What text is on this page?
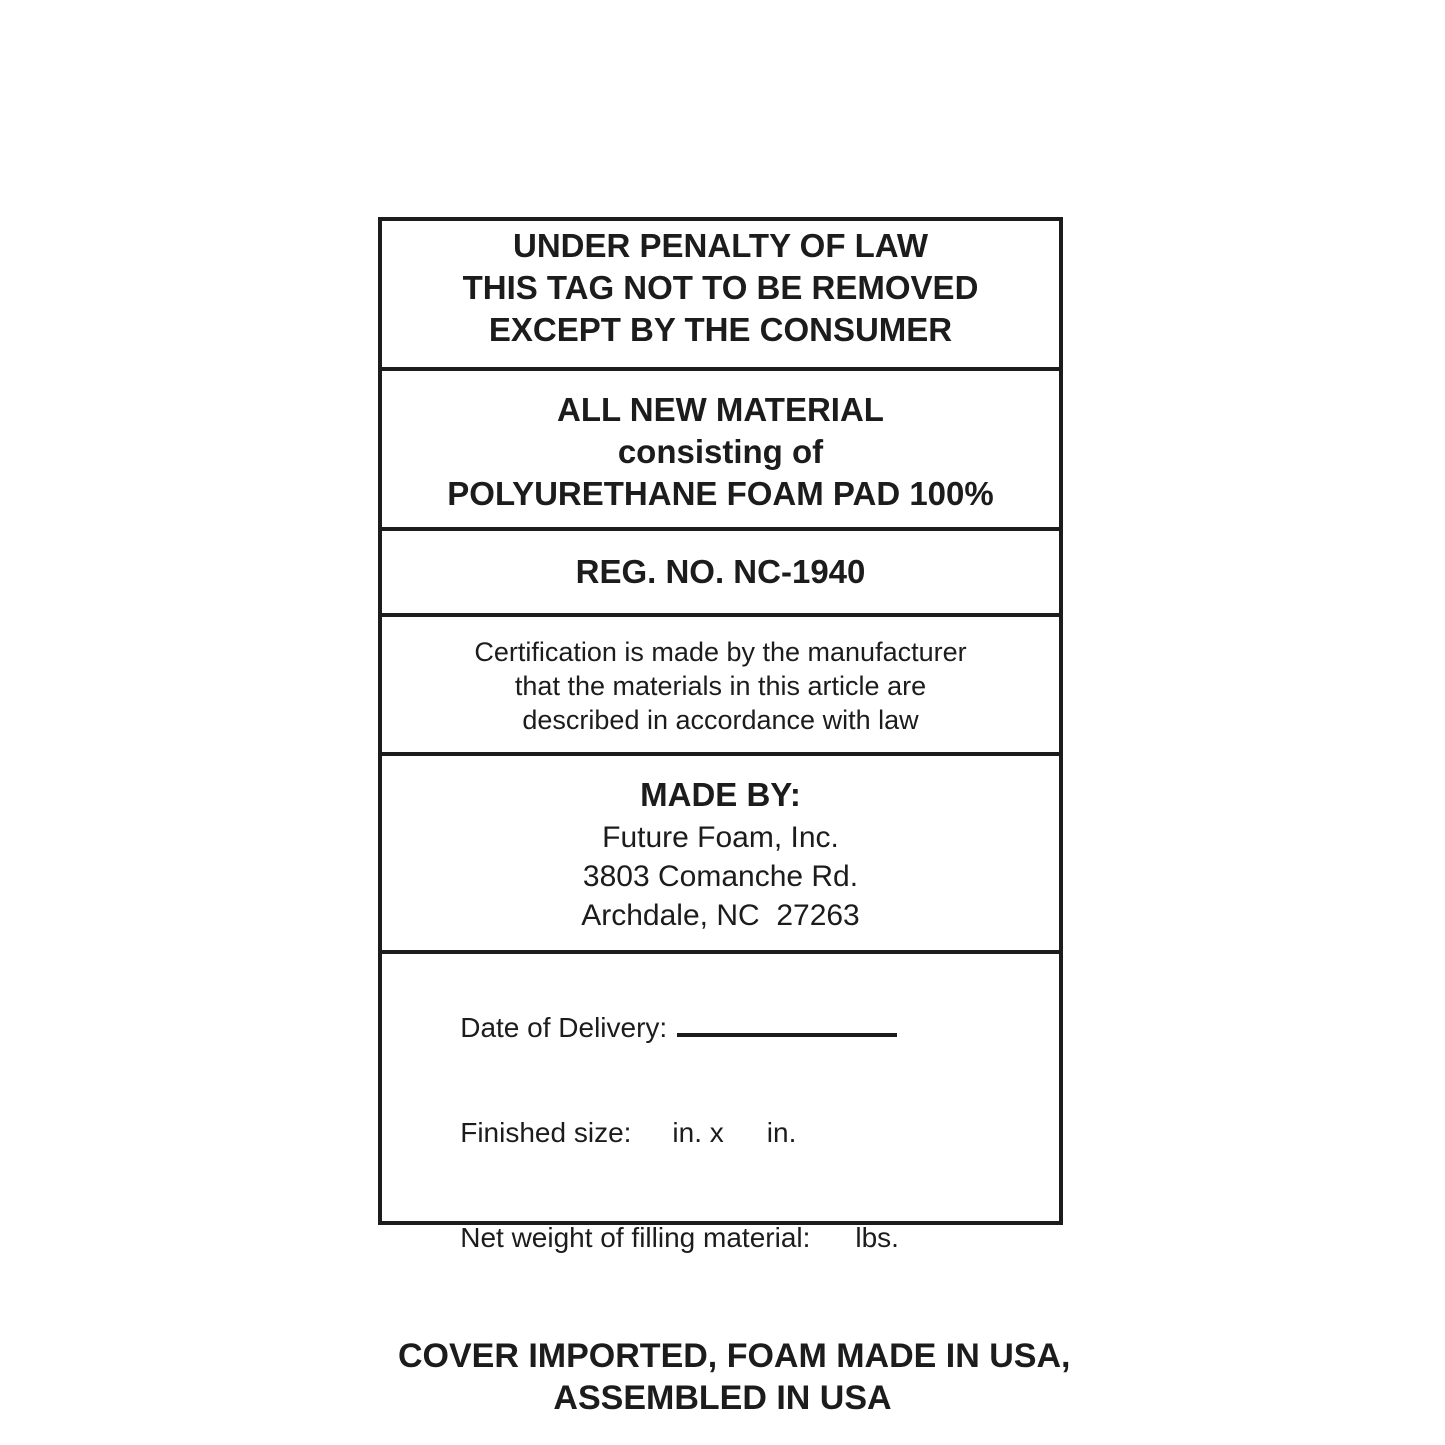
UNDER PENALTY OF LAW
THIS TAG NOT TO BE REMOVED
EXCEPT BY THE CONSUMER
ALL NEW MATERIAL
consisting of
POLYURETHANE FOAM PAD 100%
REG. NO. NC-1940
Certification is made by the manufacturer
that the materials in this article are
described in accordance with law
MADE BY:
Future Foam, Inc.
3803 Comanche Rd.
Archdale, NC  27263

Date of Delivery:

Finished size: in. x in.

Net weight of filling material: lbs.

COVER IMPORTED, FOAM MADE IN USA,
ASSEMBLED IN USA
